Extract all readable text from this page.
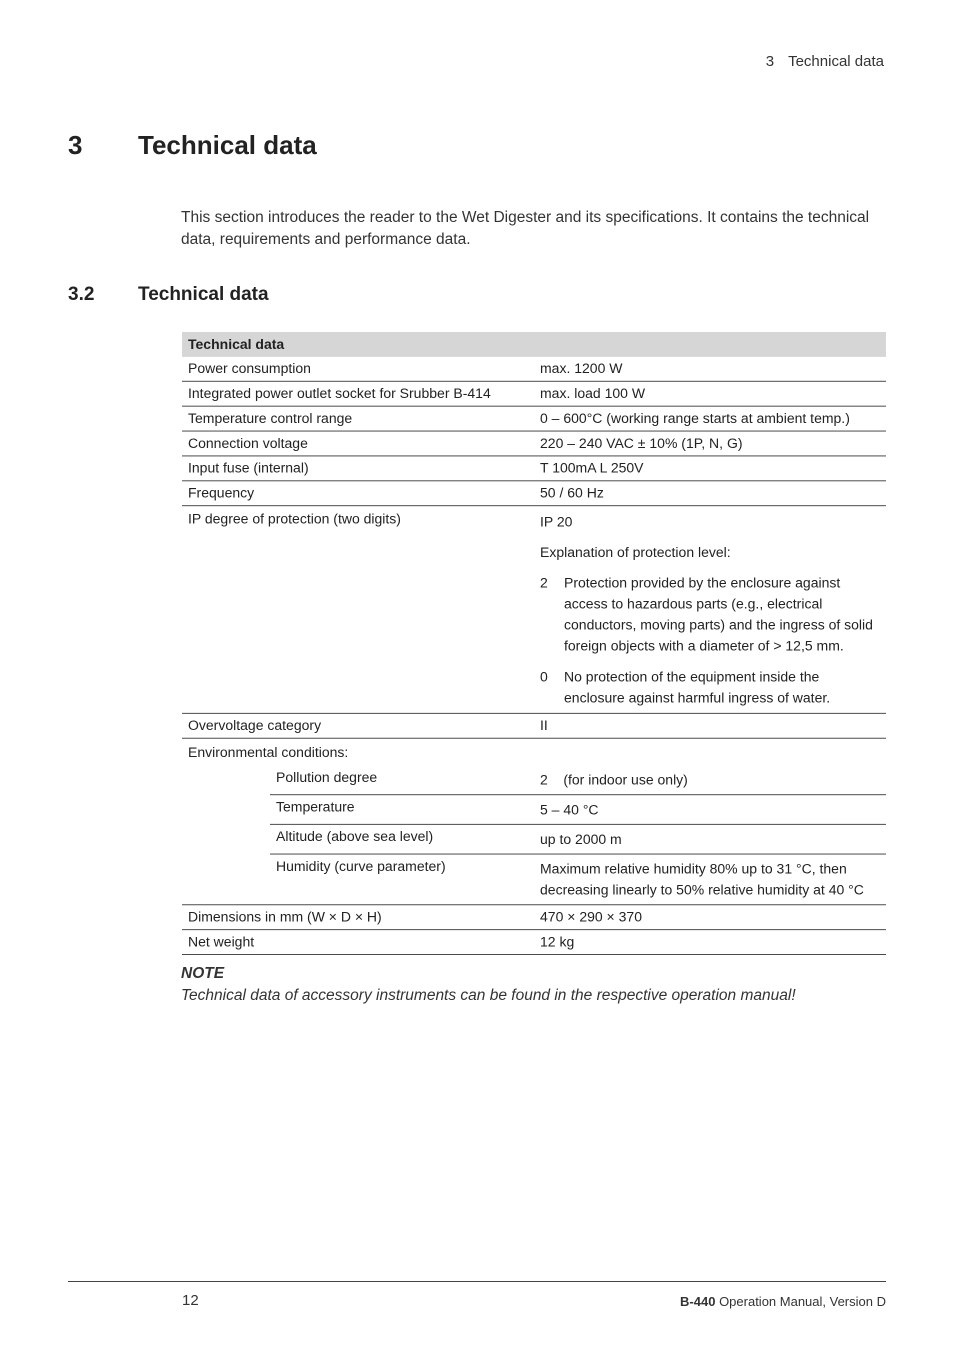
3 Technical data
3 Technical data
This section introduces the reader to the Wet Digester and its specifications. It contains the technical data, requirements and performance data.
3.2 Technical data
Technical data
Power consumption	max. 1200 W
Integrated power outlet socket for Srubber B-414	max. load 100 W
Temperature control range	0 – 600°C (working range starts at ambient temp.)
Connection voltage	220 – 240 VAC ± 10% (1P, N, G)
Input fuse (internal)	T 100mA L 250V
Frequency	50 / 60 Hz
IP degree of protection (two digits)	IP 20

Explanation of protection level:

2	Protection provided by the enclosure against access to hazardous parts (e.g., electrical conductors, moving parts) and the ingress of solid foreign objects with a diameter of > 12,5 mm.
0	No protection of the equipment inside the enclosure against harmful ingress of water.
Overvoltage category	II
Environmental conditions:
Pollution degree	2    (for indoor use only)
Temperature	5 – 40 °C
Altitude (above sea level)	up to 2000 m
Humidity (curve parameter)	Maximum relative humidity 80% up to 31 °C, then decreasing linearly to 50% relative humidity at 40 °C
Dimensions in mm (W × D × H)	470 × 290 × 370
Net weight	12 kg
NOTE
Technical data of accessory instruments can be found in the respective operation manual!
12	B-440 Operation Manual, Version D
